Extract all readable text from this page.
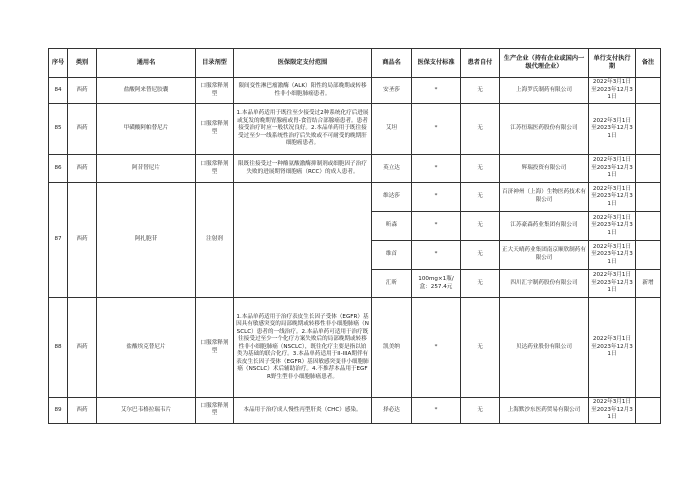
序号	类别	通用名	目录剂型	医保限定支付范围	商品名	医保支付标准	患者自付	生产企业（持有企业或国内一级代理企业）	单行支付执行期	备注
84	西药	盐酸阿来替尼胶囊	口服常释剂型	限间变性淋巴瘤激酶（ALK）阳性的局部晚期或转移性非小细胞肺癌患者。	安圣莎	*	无	上海罗氏制药有限公司	2022年3月1日至2023年12月31日	
85	西药	甲磺酸阿帕替尼片	口服常释剂型	1.本品单药适用于既往至少接受过2种系统化疗后进展或复发的晚期胃腺癌或胃-食管结合部腺癌患者。患者接受治疗时应一般状况良好。2.本品单药用于既往接受过至少一线系统性治疗后失败或不可耐受的晚期肝细胞癌患者。	艾坦	*	无	江苏恒瑞医药股份有限公司	2022年3月1日至2023年12月31日	
86	西药	阿昔替尼片	口服常释剂型	限既往接受过一种酪氨酸激酶抑制剂或细胞因子治疗失败的进展期肾细胞癌（RCC）的成人患者。	英立达	*	无	辉瑞投资有限公司	2022年3月1日至2023年12月31日	
87	西药	阿扎胞苷	注射剂		维达莎	*	无	百济神州（上海）生物医药技术有限公司	2022年3月1日至2023年12月31日	
					昕森	*	无	江苏豪森药业集团有限公司	2022年3月1日至2023年12月31日	
					维首	*	无	正大天晴药业集团南京顺欣制药有限公司	2022年3月1日至2023年12月31日	
					汇昕	100mg×1瓶/盒：257.4元	无	四川汇宇制药股份有限公司	2022年3月1日至2023年12月31日	新增
88	西药	盐酸埃克替尼片	口服常释剂型	1.本品单药适用于治疗表皮生长因子受体（EGFR）基因具有敏感突变的局部晚期或转移性非小细胞肺癌（NSCLC）患者的一线治疗。2.本品单药可适用于治疗既往接受过至少一个化疗方案失败后的局部晚期或转移性非小细胞肺癌（NSCLC），既往化疗主要是指以铂类为基础的联合化疗。3.本品单药适用于II-IIIA期伴有表皮生长因子受体（EGFR）基因敏感突变非小细胞肺癌（NSCLC）术后辅助治疗。4.不推荐本品用于EGFR野生型非小细胞肺癌患者。	凯美纳	*	无	贝达药业股份有限公司	2022年3月1日至2023年12月31日	
89	西药	艾尔巴韦格拉瑞韦片	口服常释剂型	本品用于治疗成人慢性丙型肝炎（CHC）感染。	择必达	*	无	上海默沙东医药贸易有限公司	2022年3月1日至2023年12月31日	
